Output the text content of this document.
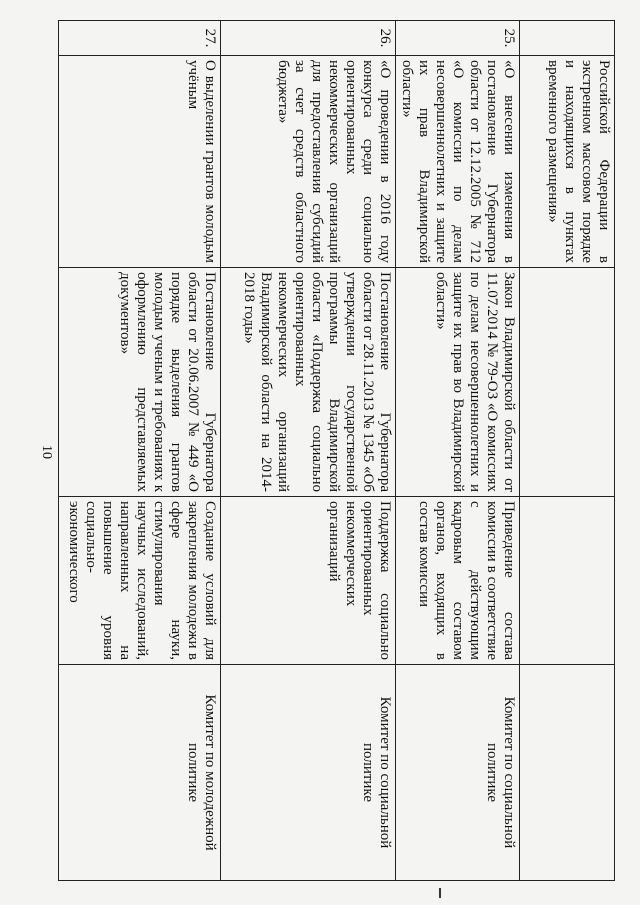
10
	Российской Федерации в экстренном массовом порядке и находящихся в пунктах временного размещения»			
25.	«О внесении изменения в постановление Губернатора области от 12.12.2005 № 712 «О комиссии по делам несовершеннолетних и защите их прав Владимирской области»	Закон Владимирской области от 11.07.2014 № 79-ОЗ «О комиссиях по делам несовершеннолетних и защите их прав во Владимирской области»	Приведение состава комиссии в соответствие с действующим кадровым составом органов, входящих в состав комиссии	Комитет по социальной политике
26.	«О проведении в 2016 году конкурса среди социально ориентированных некоммерческих организаций для предоставления субсидий за счет средств областного бюджета»	Постановление Губернатора области от 28.11.2013 № 1345 «Об утверждении государственной программы Владимирской области «Поддержка социально ориентированных некоммерческих организаций Владимирской области на 2014-2018 годы»	Поддержка социально ориентированных некоммерческих организаций	Комитет по социальной политике
27.	О выделении грантов молодым учёным	Постановление Губернатора области от 20.06.2007 № 449 «О порядке выделения грантов молодым ученым и требованиях к оформлению представляемых документов»	Создание условий для закрепления молодежи в сфере науки, стимулирования научных исследований, направленных на повышение уровня социально-экономического	Комитет по молодежной политике
